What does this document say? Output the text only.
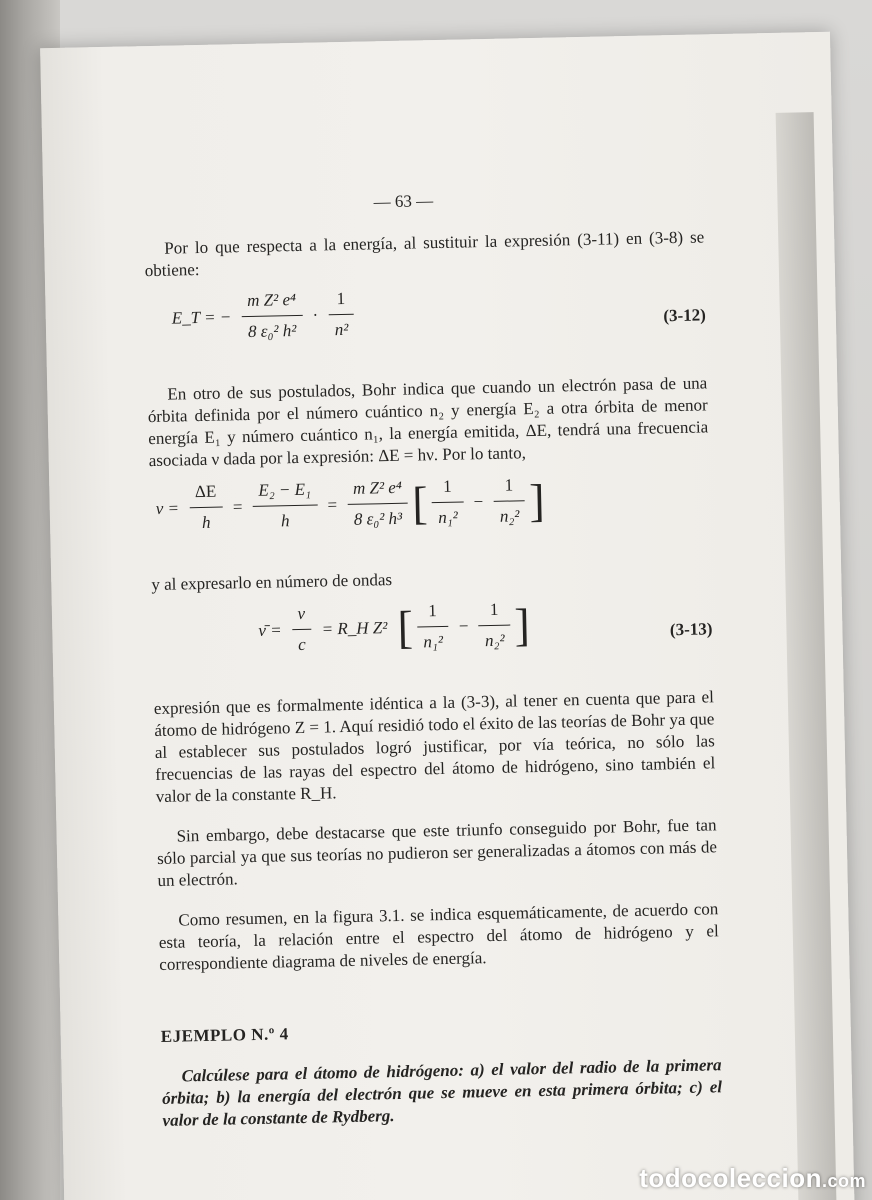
— 63 —

Por lo que respecta a la energía, al sustituir la expresión (3-11) en (3-8) se obtiene:

E_T = − $\frac{\text{m Z² e⁴}}{\text{8 ε₀² h²}} \cdot \frac{1}{\text{n²}}$	(3-12)

En otro de sus postulados, Bohr indica que cuando un electrón pasa de una órbita definida por el número cuántico n₂ y energía E₂ a otra órbita de menor energía E₁ y número cuántico n₁, la energía emitida, ΔE, tendrá una frecuencia asociada ν dada por la expresión: ΔE = hν. Por lo tanto,

$\nu = \frac{\Delta E}{h} = \frac{\text{E₂ − E₁}}{h} = \frac{\text{m Z² e⁴}}{\text{8 ε₀² h³}}$ [ $\frac{1}{\text{n₁²}} - \frac{1}{\text{n₂²}}$ ]

y al expresarlo en número de ondas

ν̄ = $\frac{\nu}{c}$ = R_H Z² [ $\frac{1}{\text{n₁²}} - \frac{1}{\text{n₂²}}$ ]	(3-13)

expresión que es formalmente idéntica a la (3-3), al tener en cuenta que para el átomo de hidrógeno Z = 1. Aquí residió todo el éxito de las teorías de Bohr ya que al establecer sus postulados logró justificar, por vía teórica, no sólo las frecuencias de las rayas del espectro del átomo de hidrógeno, sino también el valor de la constante R_H.

Sin embargo, debe destacarse que este triunfo conseguido por Bohr, fue tan sólo parcial ya que sus teorías no pudieron ser generalizadas a átomos con más de un electrón.

Como resumen, en la figura 3.1. se indica esquemáticamente, de acuerdo con esta teoría, la relación entre el espectro del átomo de hidrógeno y el correspondiente diagrama de niveles de energía.

EJEMPLO N.º 4

Calcúlese para el átomo de hidrógeno: a) el valor del radio de la primera órbita; b) la energía del electrón que se mueve en esta primera órbita; c) el valor de la constante de Rydberg.

todocoleccion.com
